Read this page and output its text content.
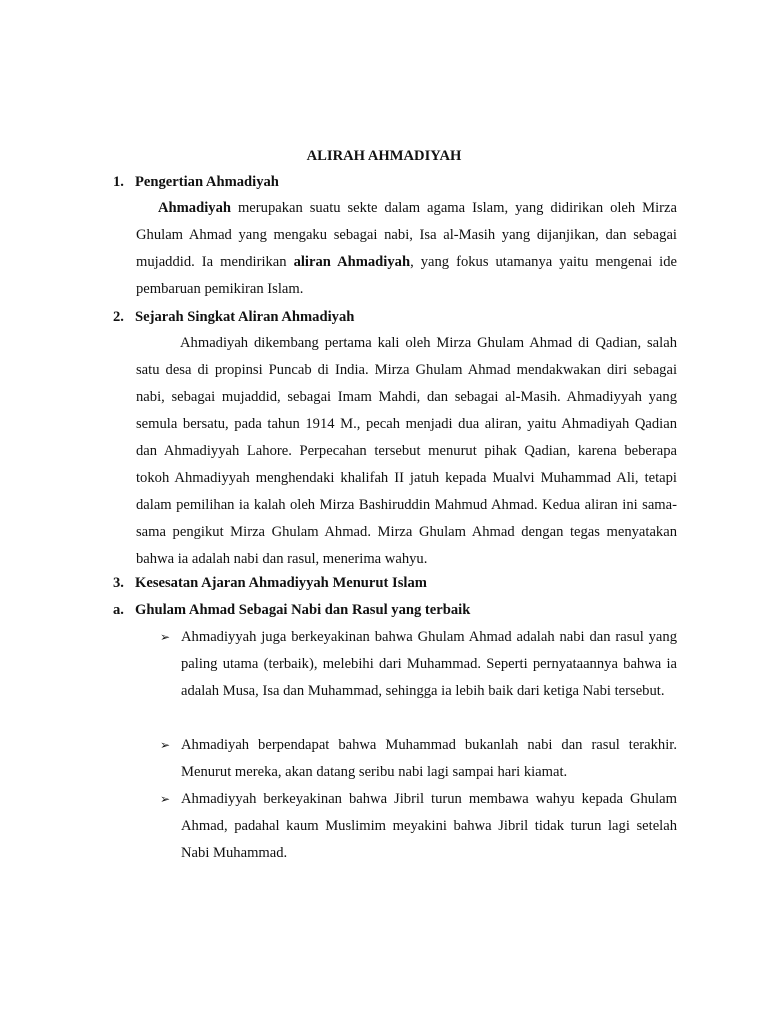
ALIRAH AHMADIYAH
1. Pengertian Ahmadiyah

Ahmadiyah merupakan suatu sekte dalam agama Islam, yang didirikan oleh Mirza Ghulam Ahmad yang mengaku sebagai nabi, Isa al-Masih yang dijanjikan, dan sebagai mujaddid. Ia mendirikan aliran Ahmadiyah, yang fokus utamanya yaitu mengenai ide pembaruan pemikiran Islam.

2. Sejarah Singkat Aliran Ahmadiyah

Ahmadiyah dikembang pertama kali oleh Mirza Ghulam Ahmad di Qadian, salah satu desa di propinsi Puncab di India. Mirza Ghulam Ahmad mendakwakan diri sebagai nabi, sebagai mujaddid, sebagai Imam Mahdi, dan sebagai al-Masih. Ahmadiyyah yang semula bersatu, pada tahun 1914 M., pecah menjadi dua aliran, yaitu Ahmadiyah Qadian dan Ahmadiyyah Lahore. Perpecahan tersebut menurut pihak Qadian, karena beberapa tokoh Ahmadiyyah menghendaki khalifah II jatuh kepada Mualvi Muhammad Ali, tetapi dalam pemilihan ia kalah oleh Mirza Bashiruddin Mahmud Ahmad. Kedua aliran ini sama-sama pengikut Mirza Ghulam Ahmad. Mirza Ghulam Ahmad dengan tegas menyatakan bahwa ia adalah nabi dan rasul, menerima wahyu.

3. Kesesatan Ajaran Ahmadiyyah Menurut Islam
a. Ghulam Ahmad Sebagai Nabi dan Rasul yang terbaik
➢ Ahmadiyyah juga berkeyakinan bahwa Ghulam Ahmad adalah nabi dan rasul yang paling utama (terbaik), melebihi dari Muhammad. Seperti pernyataannya bahwa ia adalah Musa, Isa dan Muhammad, sehingga ia lebih baik dari ketiga Nabi tersebut.
➢ Ahmadiyah berpendapat bahwa Muhammad bukanlah nabi dan rasul terakhir. Menurut mereka, akan datang seribu nabi lagi sampai hari kiamat.
➢ Ahmadiyyah berkeyakinan bahwa Jibril turun membawa wahyu kepada Ghulam Ahmad, padahal kaum Muslimim meyakini bahwa Jibril tidak turun lagi setelah Nabi Muhammad.
